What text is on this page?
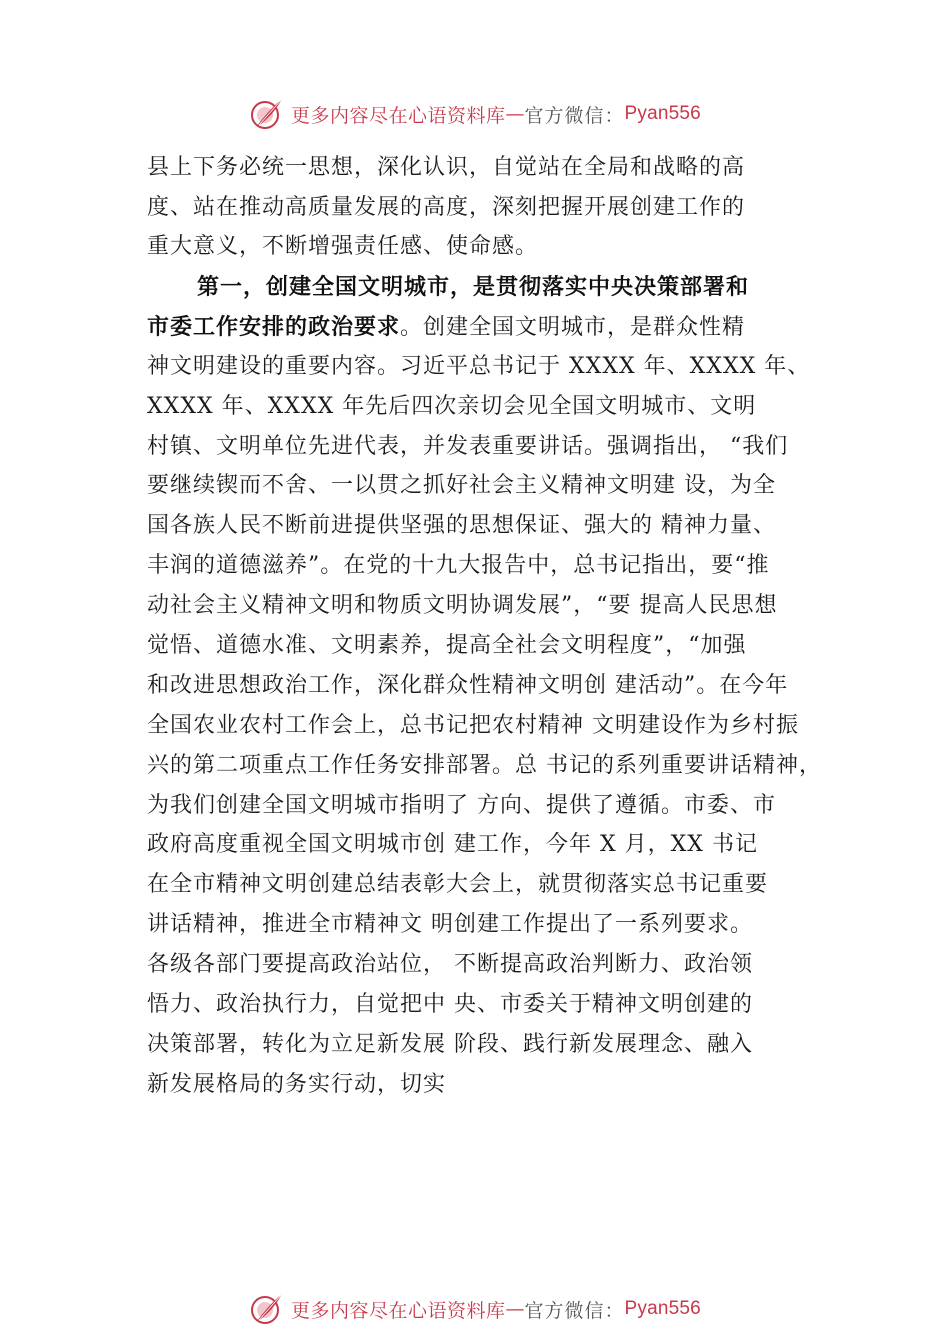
更多内容尽在心语资料库 — 官方微信： Pyan556
县上下务必统一思想，深化认识，自觉站在全局和战略的高
度、站在推动高质量发展的高度，深刻把握开展创建工作的
重大意义，不断增强责任感、使命感。
第一，创建全国文明城市，是贯彻落实中央决策部署和
市委工作安排的政治要求。创建全国文明城市，是群众性精
神文明建设的重要内容。习近平总书记于 XXXX 年、XXXX 年、
XXXX 年、XXXX 年先后四次亲切会见全国文明城市、文明
村镇、文明单位先进代表，并发表重要讲话。强调指出， “我们
要继续锲而不舍、一以贯之抓好社会主义精神文明建 设，为全
国各族人民不断前进提供坚强的思想保证、强大的 精神力量、
丰润的道德滋养”。在党的十九大报告中，总书记指出，要“推
动社会主义精神文明和物质文明协调发展”，“要 提高人民思想
觉悟、道德水准、文明素养，提高全社会文明程度”，“加强
和改进思想政治工作，深化群众性精神文明创 建活动”。在今年
全国农业农村工作会上，总书记把农村精神 文明建设作为乡村振
兴的第二项重点工作任务安排部署。总 书记的系列重要讲话精神，
为我们创建全国文明城市指明了 方向、提供了遵循。市委、市
政府高度重视全国文明城市创 建工作，今年 X 月，XX 书记
在全市精神文明创建总结表彰大会上，就贯彻落实总书记重要
讲话精神，推进全市精神文 明创建工作提出了一系列要求。
各级各部门要提高政治站位， 不断提高政治判断力、政治领
悟力、政治执行力，自觉把中 央、市委关于精神文明创建的
决策部署，转化为立足新发展 阶段、践行新发展理念、融入
新发展格局的务实行动，切实
更多内容尽在心语资料库 — 官方微信： Pyan556
